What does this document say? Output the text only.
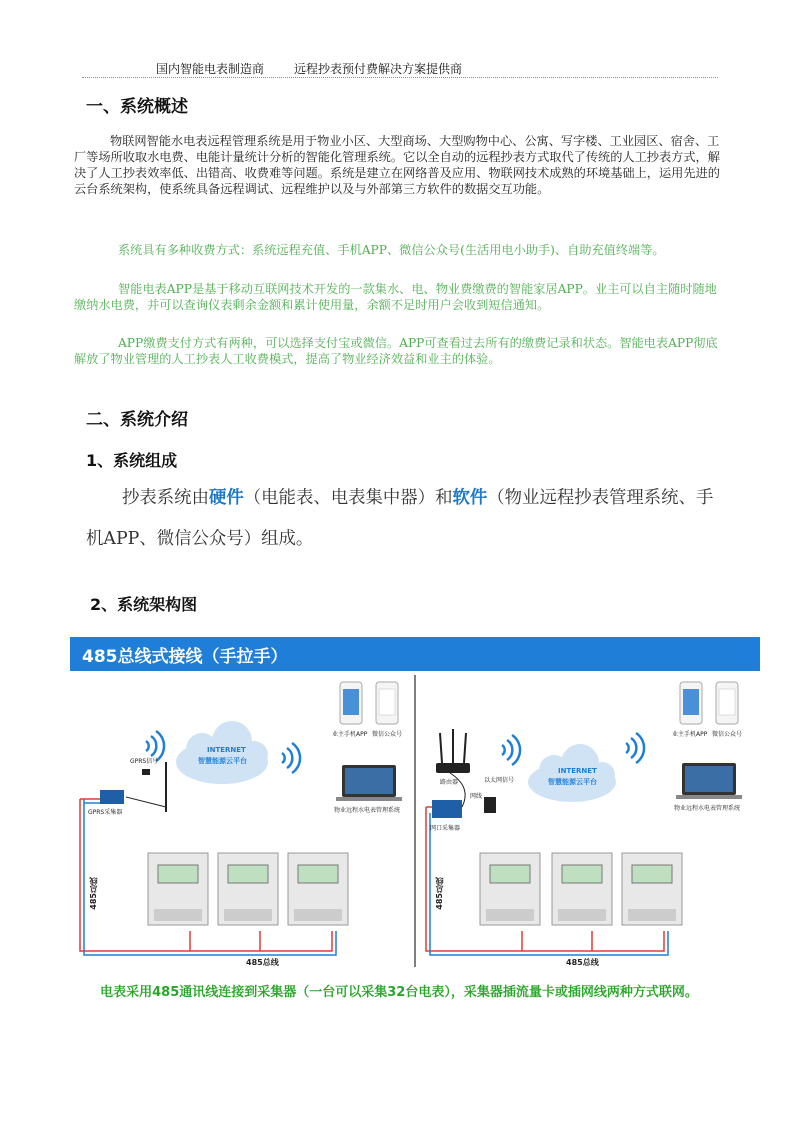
国内智能电表制造商 远程抄表预付费解决方案提供商
一、系统概述

物联网智能水电表远程管理系统是用于物业小区、大型商场、大型购物中心、公寓、写字楼、工业园区、宿舍、工厂等场所收取水电费、电能计量统计分析的智能化管理系统。它以全自动的远程抄表方式取代了传统的人工抄表方式，解决了人工抄表效率低、出错高、收费难等问题。系统是建立在网络普及应用、物联网技术成熟的环境基础上，运用先进的云台系统架构，使系统具备远程调试、远程维护以及与外部第三方软件的数据交互功能。

系统具有多种收费方式：系统远程充值、手机APP、微信公众号(生活用电小助手)、自助充值终端等。

智能电表APP是基于移动互联网技术开发的一款集水、电、物业费缴费的智能家居APP。业主可以自主随时随地缴纳水电费，并可以查询仪表剩余金额和累计使用量，余额不足时用户会收到短信通知。

APP缴费支付方式有两种，可以选择支付宝或微信。APP可查看过去所有的缴费记录和状态。智能电表APP彻底解放了物业管理的人工抄表人工收费模式，提高了物业经济效益和业主的体验。

二、系统介绍
1、系统组成

抄表系统由硬件（电能表、电表集中器）和软件（物业远程抄表管理系统、手机APP、微信公众号）组成。

2、系统架构图
485总线式接线（手拉手）
INTERNET
智慧能源云平台
GPRS信号
GPRS采集器
业主手机APP 微信公众号
物业远程水电表管理系统
485总线
485总线
INTERNET
智慧能源云平台
路由器	以太网信号
网线
网口采集器
业主手机APP 微信公众号
物业远程水电表管理系统
485总线
485总线

电表采用485通讯线连接到采集器（一台可以采集32台电表），采集器插流量卡或插网线两种方式联网。
